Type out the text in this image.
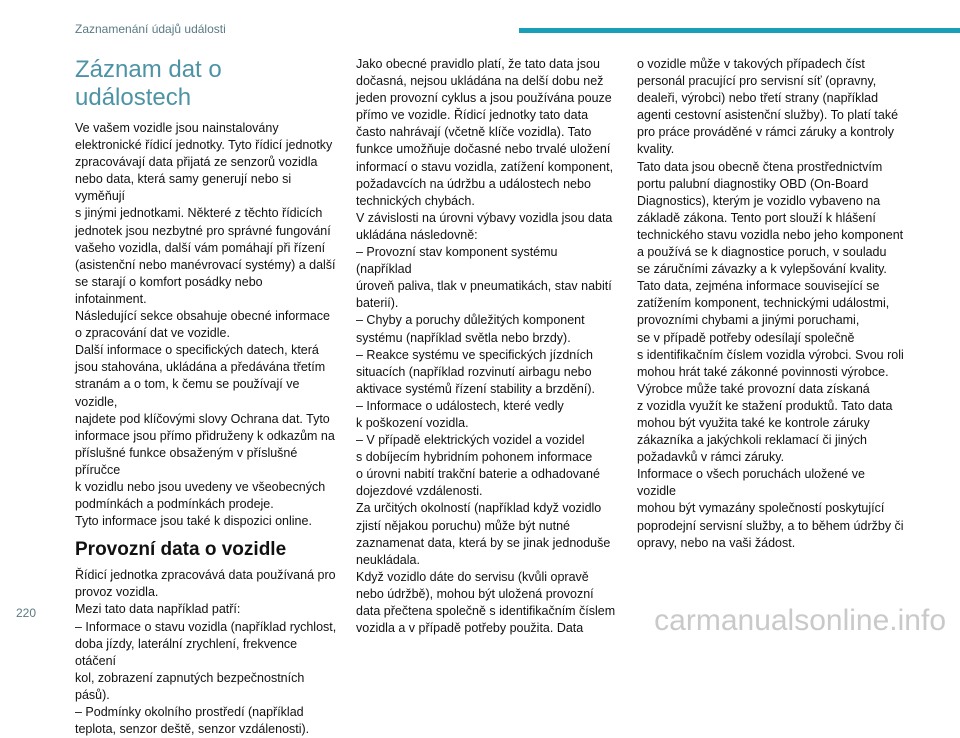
Zaznamenání údajů události
Záznam dat o událostech

Ve vašem vozidle jsou nainstalovány
elektronické řídicí jednotky. Tyto řídicí jednotky
zpracovávají data přijatá ze senzorů vozidla
nebo data, která samy generují nebo si vyměňují
s jinými jednotkami. Některé z těchto řídicích
jednotek jsou nezbytné pro správné fungování
vašeho vozidla, další vám pomáhají při řízení
(asistenční nebo manévrovací systémy) a další
se starají o komfort posádky nebo infotainment.
Následující sekce obsahuje obecné informace
o zpracování dat ve vozidle.
Další informace o specifických datech, která
jsou stahována, ukládána a předávána třetím
stranám a o tom, k čemu se používají ve vozidle,
najdete pod klíčovými slovy Ochrana dat. Tyto
informace jsou přímo přidruženy k odkazům na
příslušné funkce obsaženým v příslušné příručce
k vozidlu nebo jsou uvedeny ve všeobecných
podmínkách a podmínkách prodeje.
Tyto informace jsou také k dispozici online.

Provozní data o vozidle

Řídicí jednotka zpracovává data používaná pro
provoz vozidla.
Mezi tato data například patří:
– Informace o stavu vozidla (například rychlost,
doba jízdy, laterální zrychlení, frekvence otáčení
kol, zobrazení zapnutých bezpečnostních pásů).
– Podmínky okolního prostředí (například
teplota, senzor deště, senzor vzdálenosti).

Jako obecné pravidlo platí, že tato data jsou
dočasná, nejsou ukládána na delší dobu než
jeden provozní cyklus a jsou používána pouze
přímo ve vozidle. Řídicí jednotky tato data
často nahrávají (včetně klíče vozidla). Tato
funkce umožňuje dočasné nebo trvalé uložení
informací o stavu vozidla, zatížení komponent,
požadavcích na údržbu a událostech nebo
technických chybách.
V závislosti na úrovni výbavy vozidla jsou data
ukládána následovně:
– Provozní stav komponent systému (například
úroveň paliva, tlak v pneumatikách, stav nabití
baterií).
– Chyby a poruchy důležitých komponent
systému (například světla nebo brzdy).
– Reakce systému ve specifických jízdních
situacích (například rozvinutí airbagu nebo
aktivace systémů řízení stability a brzdění).
– Informace o událostech, které vedly
k poškození vozidla.
– V případě elektrických vozidel a vozidel
s dobíjecím hybridním pohonem informace
o úrovni nabití trakční baterie a odhadované
dojezdové vzdálenosti.
Za určitých okolností (například když vozidlo
zjistí nějakou poruchu) může být nutné
zaznamenat data, která by se jinak jednoduše
neukládala.
Když vozidlo dáte do servisu (kvůli opravě
nebo údržbě), mohou být uložená provozní
data přečtena společně s identifikačním číslem
vozidla a v případě potřeby použita. Data

o vozidle může v takových případech číst
personál pracující pro servisní síť (opravny,
dealeři, výrobci) nebo třetí strany (například
agenti cestovní asistenční služby). To platí také
pro práce prováděné v rámci záruky a kontroly
kvality.
Tato data jsou obecně čtena prostřednictvím
portu palubní diagnostiky OBD (On-Board
Diagnostics), kterým je vozidlo vybaveno na
základě zákona. Tento port slouží k hlášení
technického stavu vozidla nebo jeho komponent
a používá se k diagnostice poruch, v souladu
se záručními závazky a k vylepšování kvality.
Tato data, zejména informace související se
zatížením komponent, technickými událostmi,
provozními chybami a jinými poruchami,
se v případě potřeby odesílají společně
s identifikačním číslem vozidla výrobci. Svou roli
mohou hrát také zákonné povinnosti výrobce.
Výrobce může také provozní data získaná
z vozidla využít ke stažení produktů. Tato data
mohou být využita také ke kontrole záruky
zákazníka a jakýchkoli reklamací či jiných
požadavků v rámci záruky.
Informace o všech poruchách uložené ve vozidle
mohou být vymazány společností poskytující
poprodejní servisní služby, a to během údržby či
opravy, nebo na vaši žádost.

220	carmanualsonline.info
